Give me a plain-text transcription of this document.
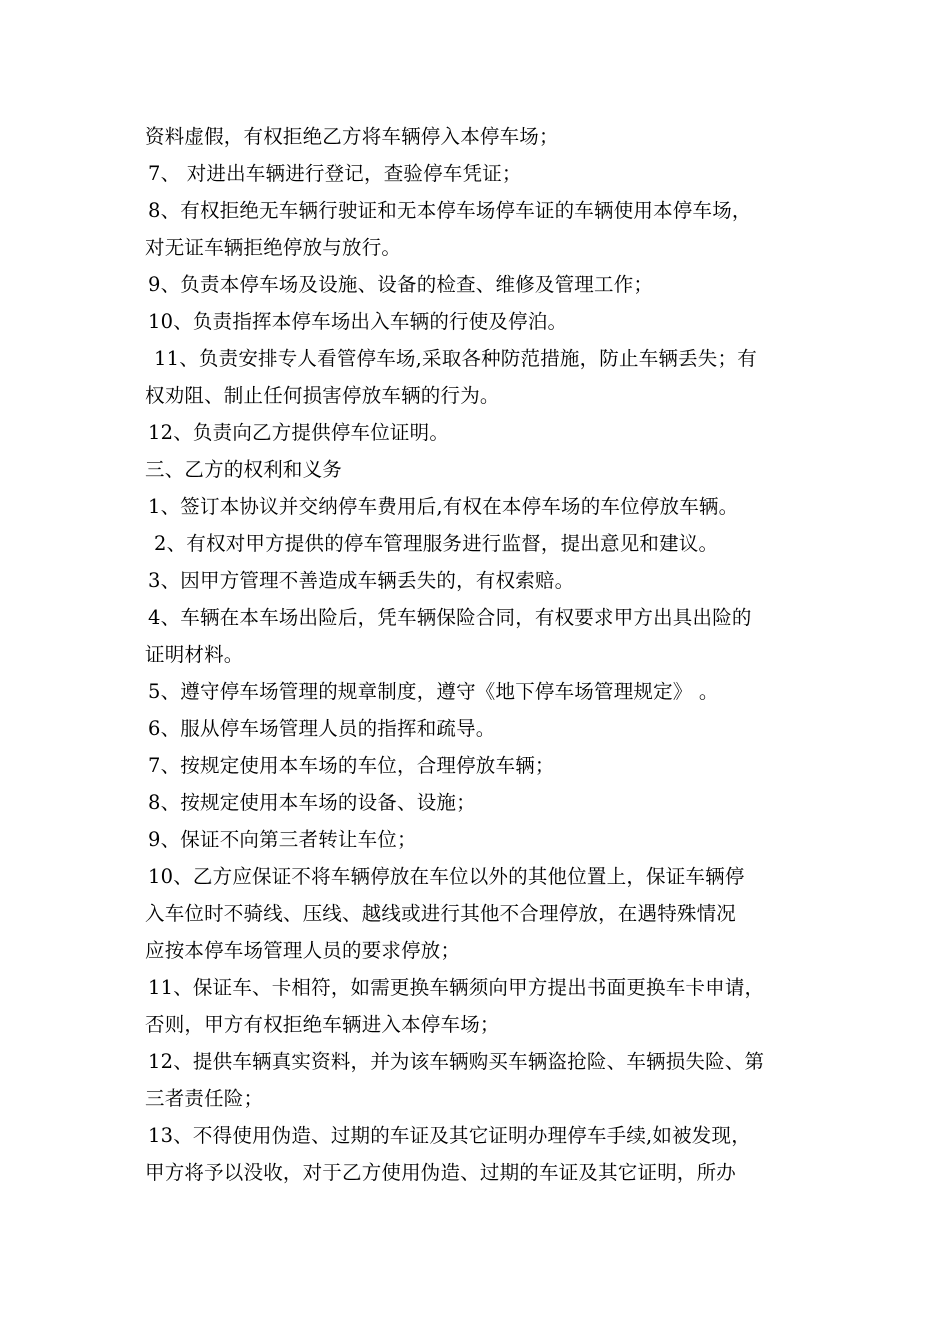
资料虚假，有权拒绝乙方将车辆停入本停车场；
7、 对进出车辆进行登记，查验停车凭证；
8、有权拒绝无车辆行驶证和无本停车场停车证的车辆使用本停车场，
对无证车辆拒绝停放与放行。
9、负责本停车场及设施、设备的检查、维修及管理工作；
10、负责指挥本停车场出入车辆的行使及停泊。
11、负责安排专人看管停车场,采取各种防范措施，防止车辆丢失；有
权劝阻、制止任何损害停放车辆的行为。
12、负责向乙方提供停车位证明。
三、乙方的权利和义务
1、签订本协议并交纳停车费用后,有权在本停车场的车位停放车辆。
2、有权对甲方提供的停车管理服务进行监督，提出意见和建议。
3、因甲方管理不善造成车辆丢失的，有权索赔。
4、车辆在本车场出险后，凭车辆保险合同，有权要求甲方出具出险的
证明材料。
5、遵守停车场管理的规章制度，遵守《地下停车场管理规定》 。
6、服从停车场管理人员的指挥和疏导。
7、按规定使用本车场的车位，合理停放车辆；
8、按规定使用本车场的设备、设施；
9、保证不向第三者转让车位；
10、乙方应保证不将车辆停放在车位以外的其他位置上，保证车辆停
入车位时不骑线、压线、越线或进行其他不合理停放，在遇特殊情况
应按本停车场管理人员的要求停放；
11、保证车、卡相符，如需更换车辆须向甲方提出书面更换车卡申请，
否则，甲方有权拒绝车辆进入本停车场；
12、提供车辆真实资料，并为该车辆购买车辆盗抢险、车辆损失险、第
三者责任险；
13、不得使用伪造、过期的车证及其它证明办理停车手续,如被发现，
甲方将予以没收，对于乙方使用伪造、过期的车证及其它证明，所办
